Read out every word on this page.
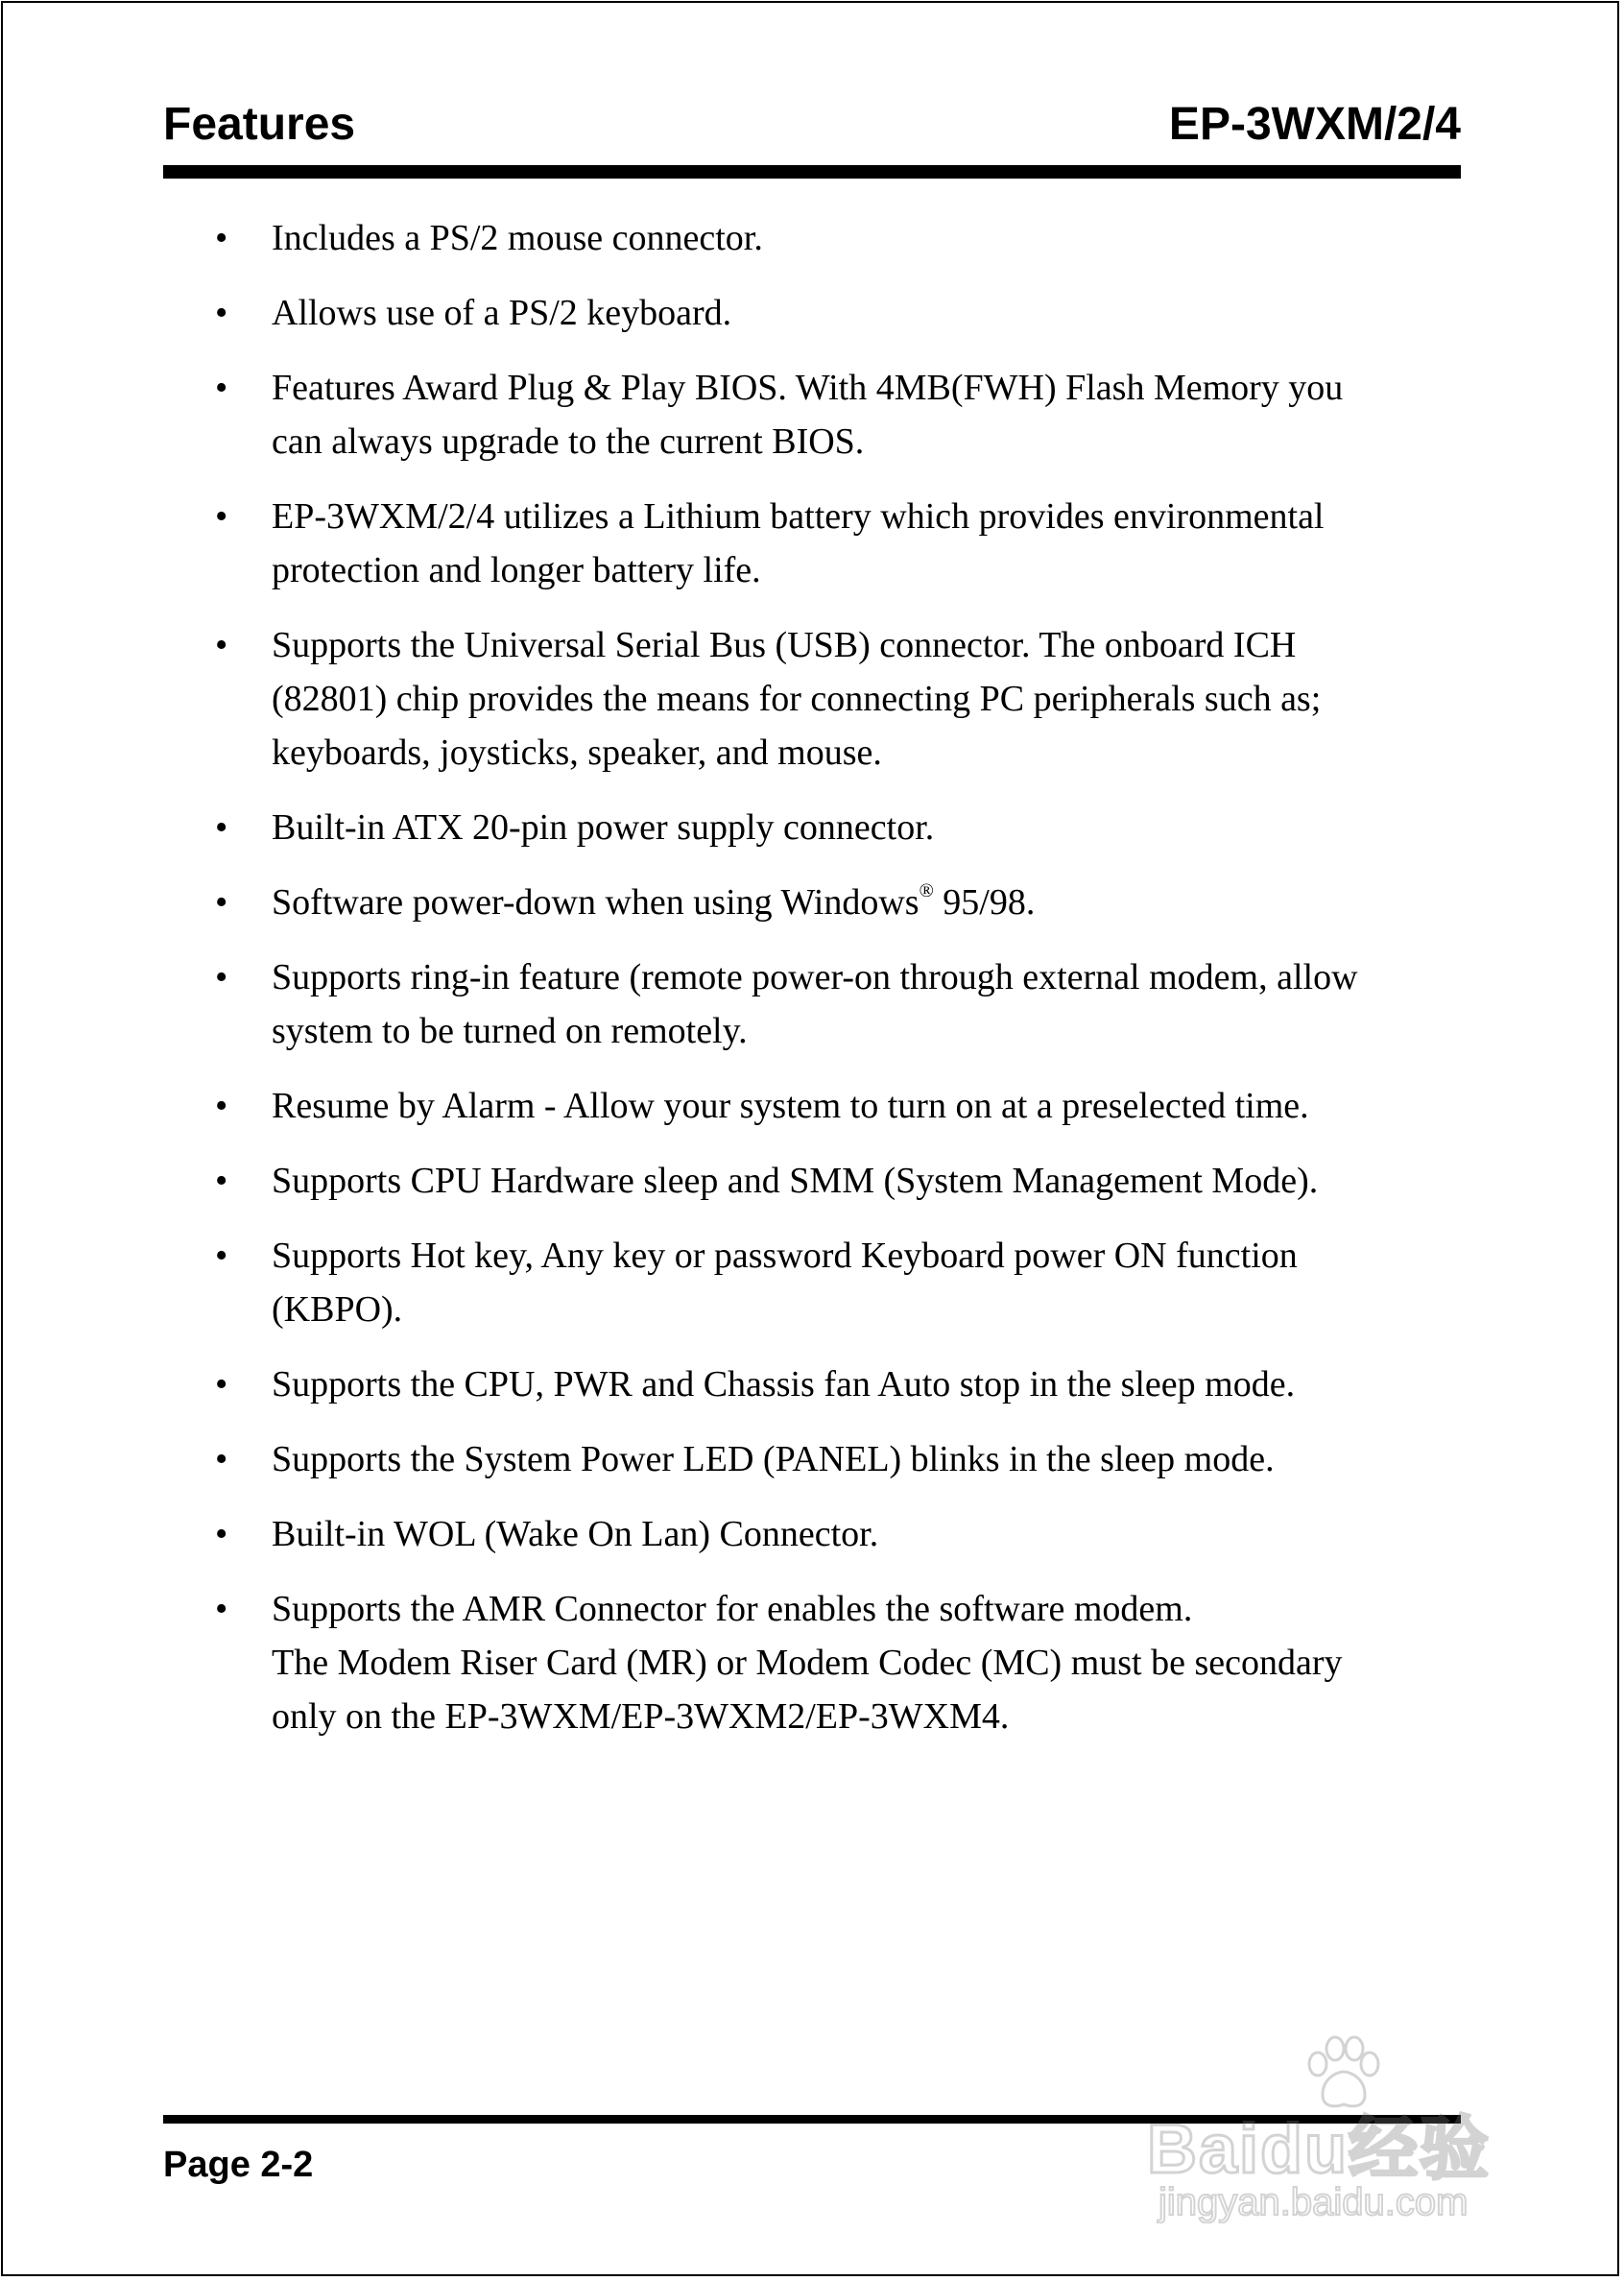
Features	EP-3WXM/2/4
• Includes a PS/2 mouse connector.
• Allows use of a PS/2 keyboard.
• Features Award Plug & Play BIOS. With 4MB(FWH) Flash Memory you
can always upgrade to the current BIOS.
• EP-3WXM/2/4 utilizes a Lithium battery which provides environmental
protection and longer battery life.
• Supports the Universal Serial Bus (USB) connector. The onboard ICH
(82801) chip provides the means for connecting PC peripherals such as;
keyboards, joysticks, speaker, and mouse.
• Built-in ATX 20-pin power supply connector.
• Software power-down when using Windows® 95/98.
• Supports ring-in feature (remote power-on through external modem, allow
system to be turned on remotely.
• Resume by Alarm - Allow your system to turn on at a preselected time.
• Supports CPU Hardware sleep and SMM (System Management Mode).
• Supports Hot key, Any key or password Keyboard power ON function
(KBPO).
• Supports the CPU, PWR and Chassis fan Auto stop in the sleep mode.
• Supports the System Power LED (PANEL) blinks in the sleep mode.
• Built-in WOL (Wake On Lan) Connector.
• Supports the AMR Connector for enables the software modem.
The Modem Riser Card (MR) or Modem Codec (MC) must be secondary
only on the EP-3WXM/EP-3WXM2/EP-3WXM4.
Page 2-2	Baidu经验
jingyan.baidu.com
